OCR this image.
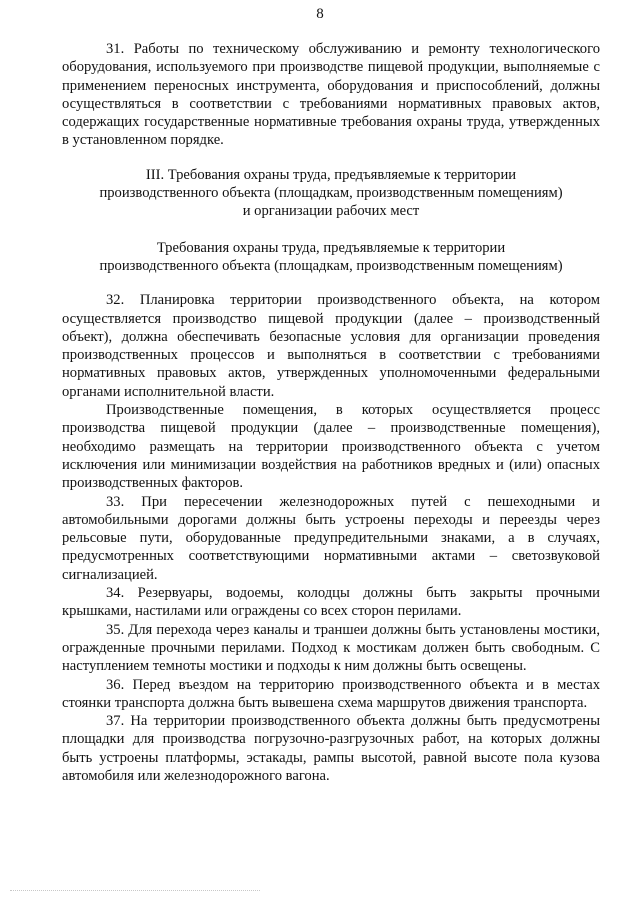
8

31. Работы по техническому обслуживанию и ремонту технологического оборудования, используемого при производстве пищевой продукции, выполняемые с применением переносных инструмента, оборудования и приспособлений, должны осуществляться в соответствии с требованиями нормативных правовых актов, содержащих государственные нормативные требования охраны труда, утвержденных в установленном порядке.

III. Требования охраны труда, предъявляемые к территории

производственного объекта (площадкам, производственным помещениям)

и организации рабочих мест

Требования охраны труда, предъявляемые к территории

производственного объекта (площадкам, производственным помещениям)

32. Планировка территории производственного объекта, на котором осуществляется производство пищевой продукции (далее – производственный объект), должна обеспечивать безопасные условия для организации проведения производственных процессов и выполняться в соответствии с требованиями нормативных правовых актов, утвержденных уполномоченными федеральными органами исполнительной власти.

Производственные помещения, в которых осуществляется процесс производства пищевой продукции (далее – производственные помещения), необходимо размещать на территории производственного объекта с учетом исключения или минимизации воздействия на работников вредных и (или) опасных производственных факторов.

33. При пересечении железнодорожных путей с пешеходными и автомобильными дорогами должны быть устроены переходы и переезды через рельсовые пути, оборудованные предупредительными знаками, а в случаях, предусмотренных соответствующими нормативными актами – светозвуковой сигнализацией.

34. Резервуары, водоемы, колодцы должны быть закрыты прочными крышками, настилами или ограждены со всех сторон перилами.

35. Для перехода через каналы и траншеи должны быть установлены мостики, огражденные прочными перилами. Подход к мостикам должен быть свободным. С наступлением темноты мостики и подходы к ним должны быть освещены.

36. Перед въездом на территорию производственного объекта и в местах стоянки транспорта должна быть вывешена схема маршрутов движения транспорта.

37. На территории производственного объекта должны быть предусмотрены площадки для производства погрузочно-разгрузочных работ, на которых должны быть устроены платформы, эстакады, рампы высотой, равной высоте пола кузова автомобиля или железнодорожного вагона.
